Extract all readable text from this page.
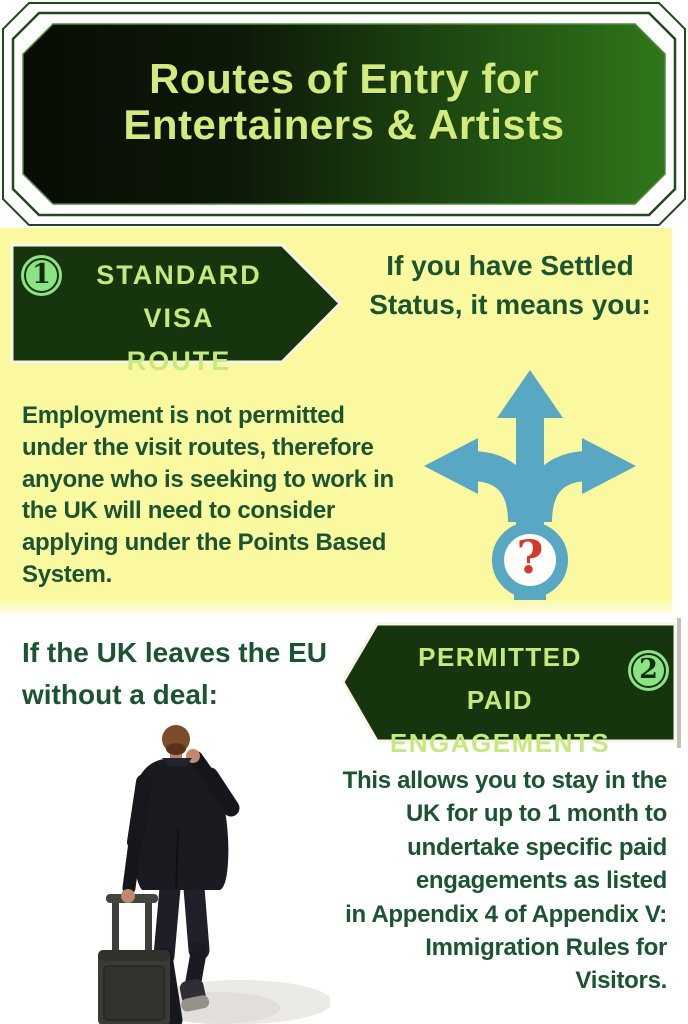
Routes of Entry for
Entertainers & Artists
1	STANDARD VISA
ROUTE
If you have Settled
Status, it means you:
Employment is not permitted
under the visit routes, therefore
anyone who is seeking to work in
the UK will need to consider
applying under the Points Based
System.	?
If the UK leaves the EU
without a deal:
2
PERMITTED PAID
ENGAGEMENTS
This allows you to stay in the
UK for up to 1 month to
undertake specific paid
engagements as listed
in Appendix 4 of Appendix V:
Immigration Rules for
Visitors.
